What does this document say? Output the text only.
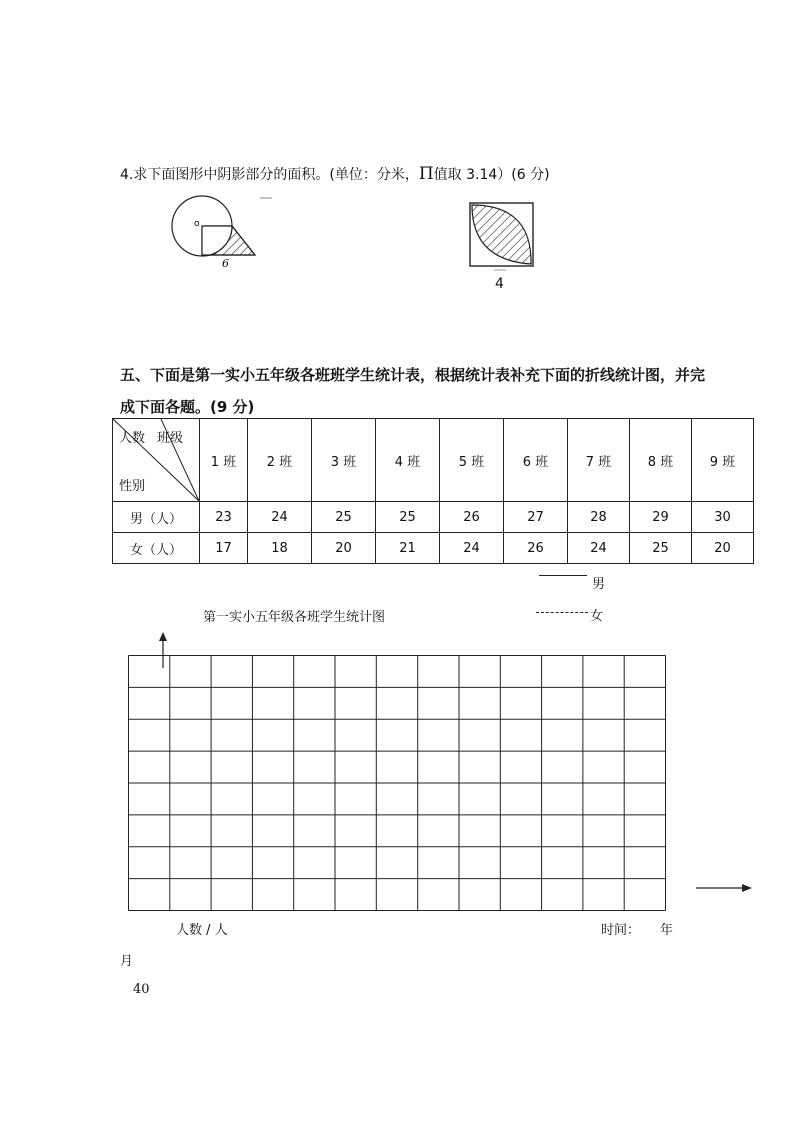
4.求下面图形中阴影部分的面积。(单位：分米，Π值取 3.14）(6 分)
o
6
4
五、下面是第一实小五年级各班班学生统计表，根据统计表补充下面的折线统计图，并完
成下面各题。(9 分)
人数 班级
性别	1 班	2 班	3 班	4 班	5 班	6 班	7 班	8 班	9 班
男（人）	23	24	25	25	26	27	28	29	30
女（人）	17	18	20	21	24	26	24	25	20
男
女
第一实小五年级各班学生统计图
人数 / 人	时间： 年
月
40
